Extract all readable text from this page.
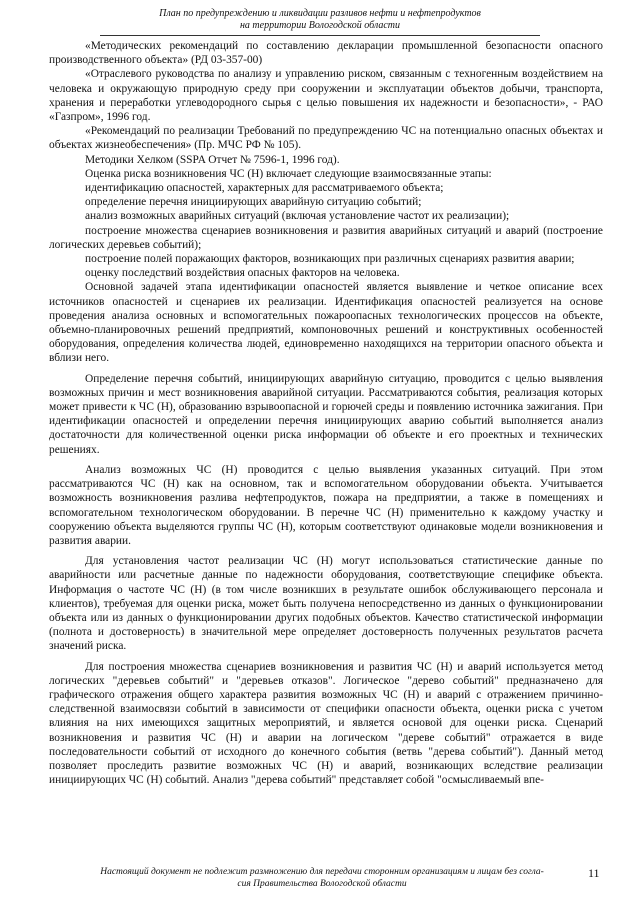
План по предупреждению и ликвидации разливов нефти и нефтепродуктов
на территории Вологодской области

«Методических рекомендаций по составлению декларации промышленной безопасности опасного производственного объекта» (РД 03-357-00)

«Отраслевого руководства по анализу и управлению риском, связанным с техногенным воздействием на человека и окружающую природную среду при сооружении и эксплуатации объектов добычи, транспорта, хранения и переработки углеводородного сырья с целью повышения их надежности и безопасности», - РАО «Газпром», 1996 год.

«Рекомендаций по реализации Требований по предупреждению ЧС на потенциально опасных объектах и объектах жизнеобеспечения» (Пр. МЧС РФ № 105).

Методики Хелком (SSPA Отчет № 7596-1, 1996 год).

Оценка риска возникновения ЧС (Н) включает следующие взаимосвязанные этапы:

идентификацию опасностей, характерных для рассматриваемого объекта;

определение перечня инициирующих аварийную ситуацию событий;

анализ возможных аварийных ситуаций (включая установление частот их реализации);

построение множества сценариев возникновения и развития аварийных ситуаций и аварий (построение логических деревьев событий);

построение полей поражающих факторов, возникающих при различных сценариях развития аварии;

оценку последствий воздействия опасных факторов на человека.

Основной задачей этапа идентификации опасностей является выявление и четкое описание всех источников опасностей и сценариев их реализации. Идентификация опасностей реализуется на основе проведения анализа основных и вспомогательных пожароопасных технологических процессов на объекте, объемно-планировочных решений предприятий, компоновочных решений и конструктивных особенностей оборудования, определения количества людей, единовременно находящихся на территории опасного объекта и вблизи него.

Определение перечня событий, инициирующих аварийную ситуацию, проводится с целью выявления возможных причин и мест возникновения аварийной ситуации. Рассматриваются события, реализация которых может привести к ЧС (Н), образованию взрывоопасной и горючей среды и появлению источника зажигания. При идентификации опасностей и определении перечня инициирующих аварию событий выполняется анализ достаточности для количественной оценки риска информации об объекте и его проектных и технических решениях.

Анализ возможных ЧС (Н) проводится с целью выявления указанных ситуаций. При этом рассматриваются ЧС (Н) как на основном, так и вспомогательном оборудовании объекта. Учитывается возможность возникновения разлива нефтепродуктов, пожара на предприятии, а также в помещениях и вспомогательном технологическом оборудовании. В перечне ЧС (Н) применительно к каждому участку и сооружению объекта выделяются группы ЧС (Н), которым соответствуют одинаковые модели возникновения и развития аварии.

Для установления частот реализации ЧС (Н) могут использоваться статистические данные по аварийности или расчетные данные по надежности оборудования, соответствующие специфике объекта. Информация о частоте ЧС (Н) (в том числе возникших в результате ошибок обслуживающего персонала и клиентов), требуемая для оценки риска, может быть получена непосредственно из данных о функционировании объекта или из данных о функционировании других подобных объектов. Качество статистической информации (полнота и достоверность) в значительной мере определяет достоверность полученных результатов расчета значений риска.

Для построения множества сценариев возникновения и развития ЧС (Н) и аварий используется метод логических "деревьев событий" и "деревьев отказов". Логическое "дерево событий" предназначено для графического отражения общего характера развития возможных ЧС (Н) и аварий с отражением причинно-следственной взаимосвязи событий в зависимости от специфики опасности объекта, оценки риска с учетом влияния на них имеющихся защитных мероприятий, и является основой для оценки риска. Сценарий возникновения и развития ЧС (Н) и аварии на логическом "дереве событий" отражается в виде последовательности событий от исходного до конечного события (ветвь "дерева событий"). Данный метод позволяет проследить развитие возможных ЧС (Н) и аварий, возникающих вследствие реализации инициирующих ЧС (Н) событий. Анализ "дерева событий" представляет собой "осмысливаемый впе-

Настоящий документ не подлежит размножению для передачи сторонним организациям и лицам без согла-
сия Правительства Вологодской области
11
